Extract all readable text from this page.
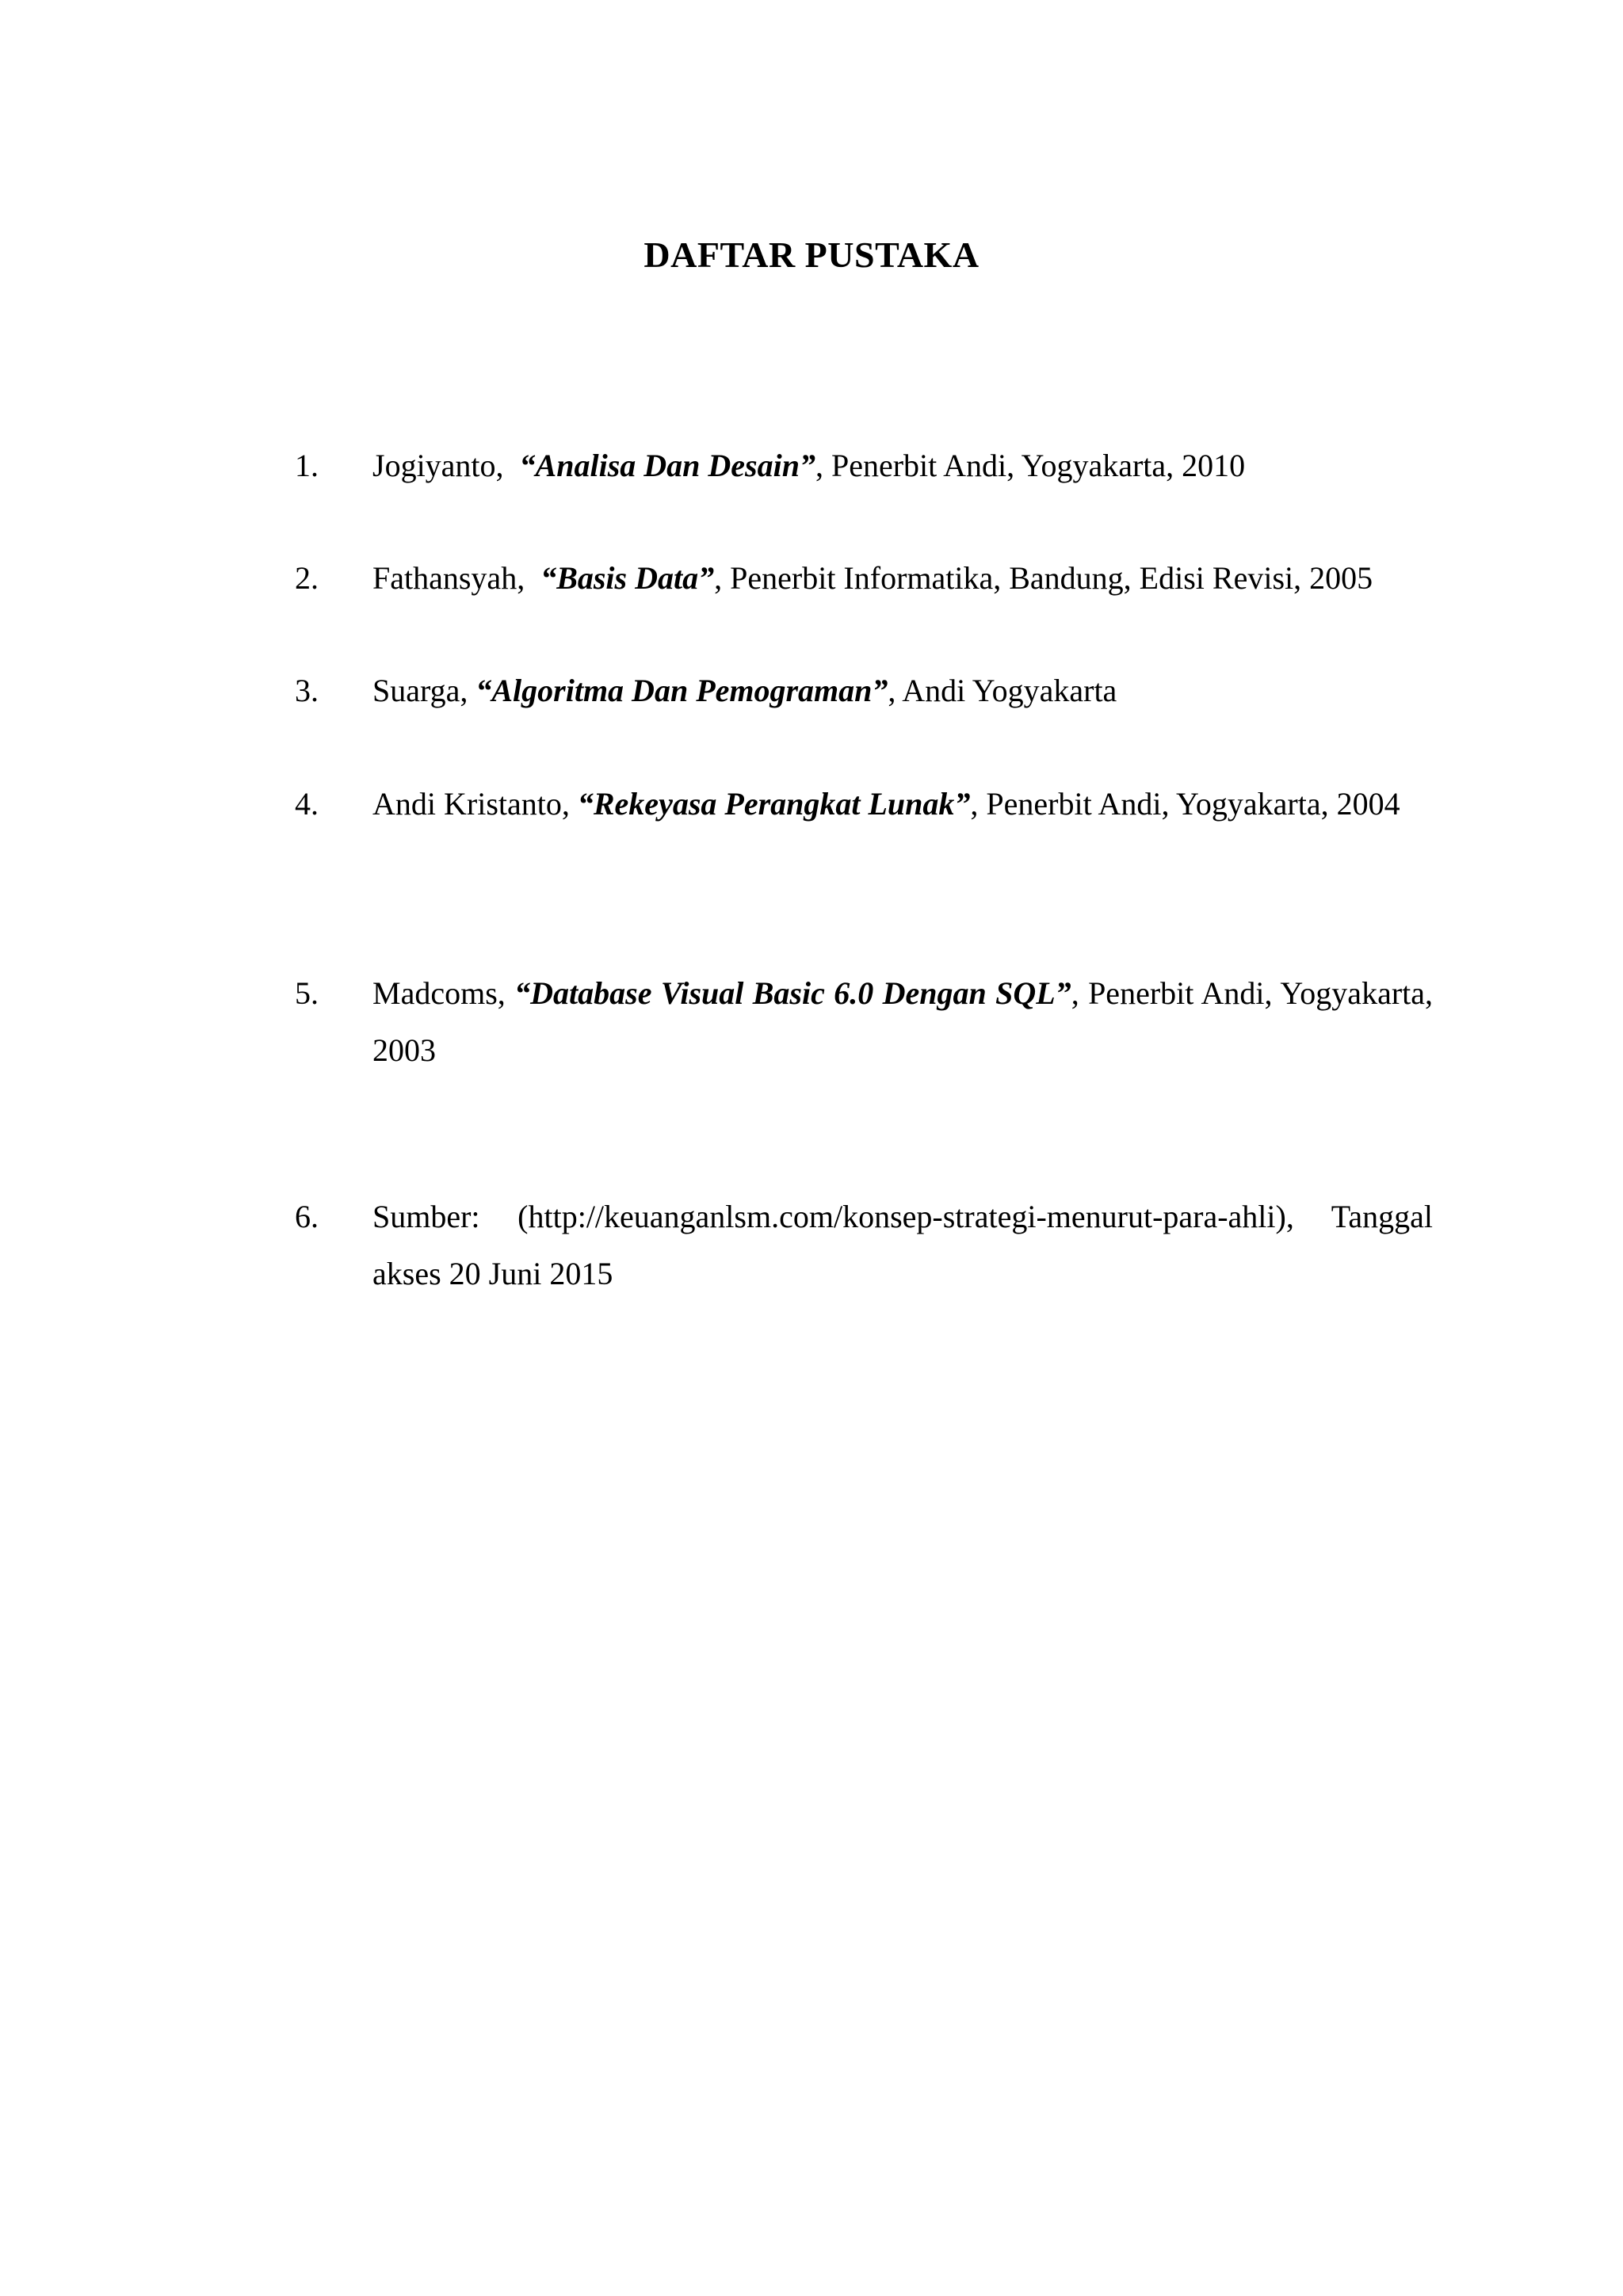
DAFTAR PUSTAKA
1.	Jogiyanto, “Analisa Dan Desain”, Penerbit Andi, Yogyakarta, 2010
2.	Fathansyah, “Basis Data”, Penerbit Informatika, Bandung, Edisi Revisi, 2005
3.	Suarga, “Algoritma Dan Pemograman”, Andi Yogyakarta
4.	Andi Kristanto, “Rekeyasa Perangkat Lunak”, Penerbit Andi, Yogyakarta, 2004
5.	Madcoms, “Database Visual Basic 6.0 Dengan SQL”, Penerbit Andi, Yogyakarta, 2003
6.	Sumber: (http://keuanganlsm.com/konsep-strategi-menurut-para-ahli), Tanggal akses 20 Juni 2015
